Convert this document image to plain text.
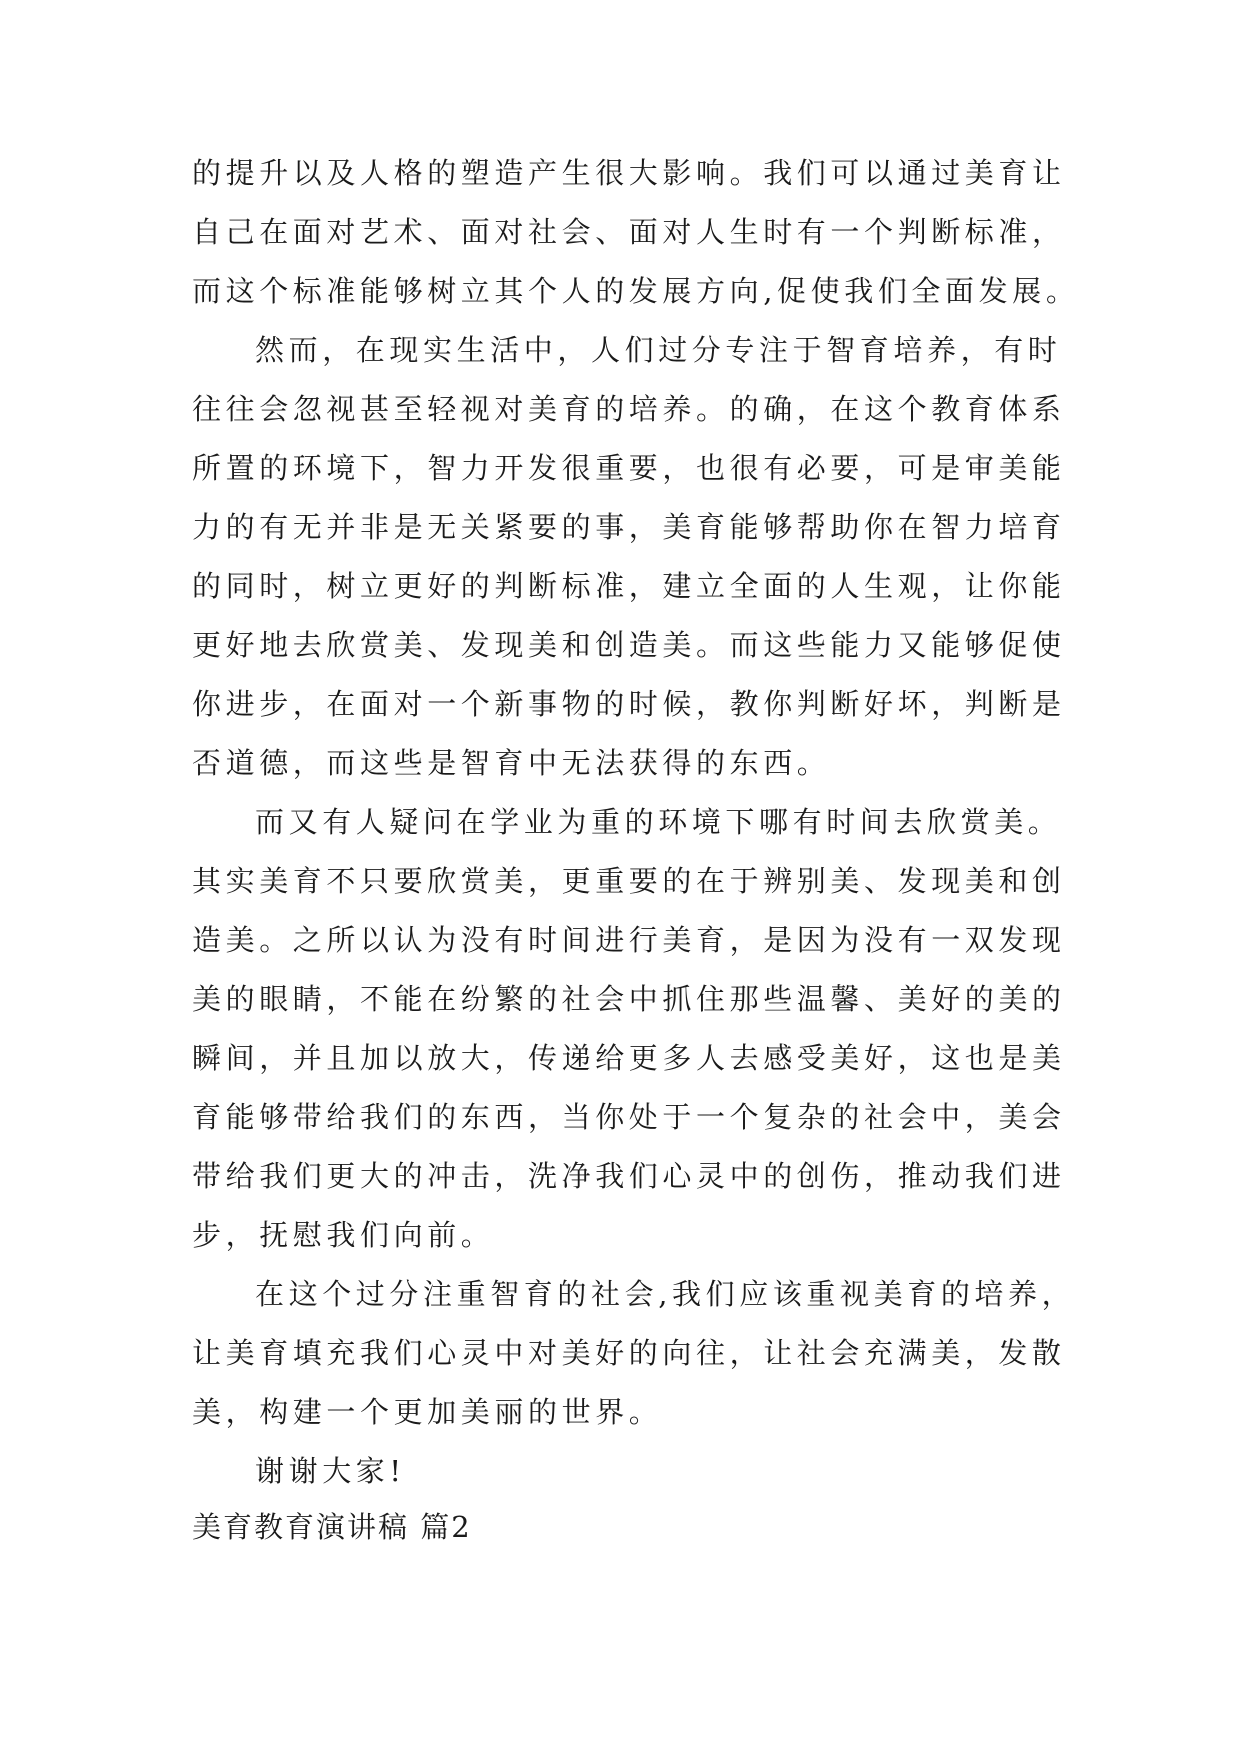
的提升以及人格的塑造产生很大影响。我们可以通过美育让
自己在面对艺术、面对社会、面对人生时有一个判断标准，
而这个标准能够树立其个人的发展方向,促使我们全面发展。
然而，在现实生活中，人们过分专注于智育培养，有时
往往会忽视甚至轻视对美育的培养。的确，在这个教育体系
所置的环境下，智力开发很重要，也很有必要，可是审美能
力的有无并非是无关紧要的事，美育能够帮助你在智力培育
的同时，树立更好的判断标准，建立全面的人生观，让你能
更好地去欣赏美、发现美和创造美。而这些能力又能够促使
你进步，在面对一个新事物的时候，教你判断好坏，判断是
否道德，而这些是智育中无法获得的东西。
而又有人疑问在学业为重的环境下哪有时间去欣赏美。
其实美育不只要欣赏美，更重要的在于辨别美、发现美和创
造美。之所以认为没有时间进行美育，是因为没有一双发现
美的眼睛，不能在纷繁的社会中抓住那些温馨、美好的美的
瞬间，并且加以放大，传递给更多人去感受美好，这也是美
育能够带给我们的东西，当你处于一个复杂的社会中，美会
带给我们更大的冲击，洗净我们心灵中的创伤，推动我们进
步，抚慰我们向前。
在这个过分注重智育的社会,我们应该重视美育的培养，
让美育填充我们心灵中对美好的向往，让社会充满美，发散
美，构建一个更加美丽的世界。
谢谢大家!
美育教育演讲稿 篇2
